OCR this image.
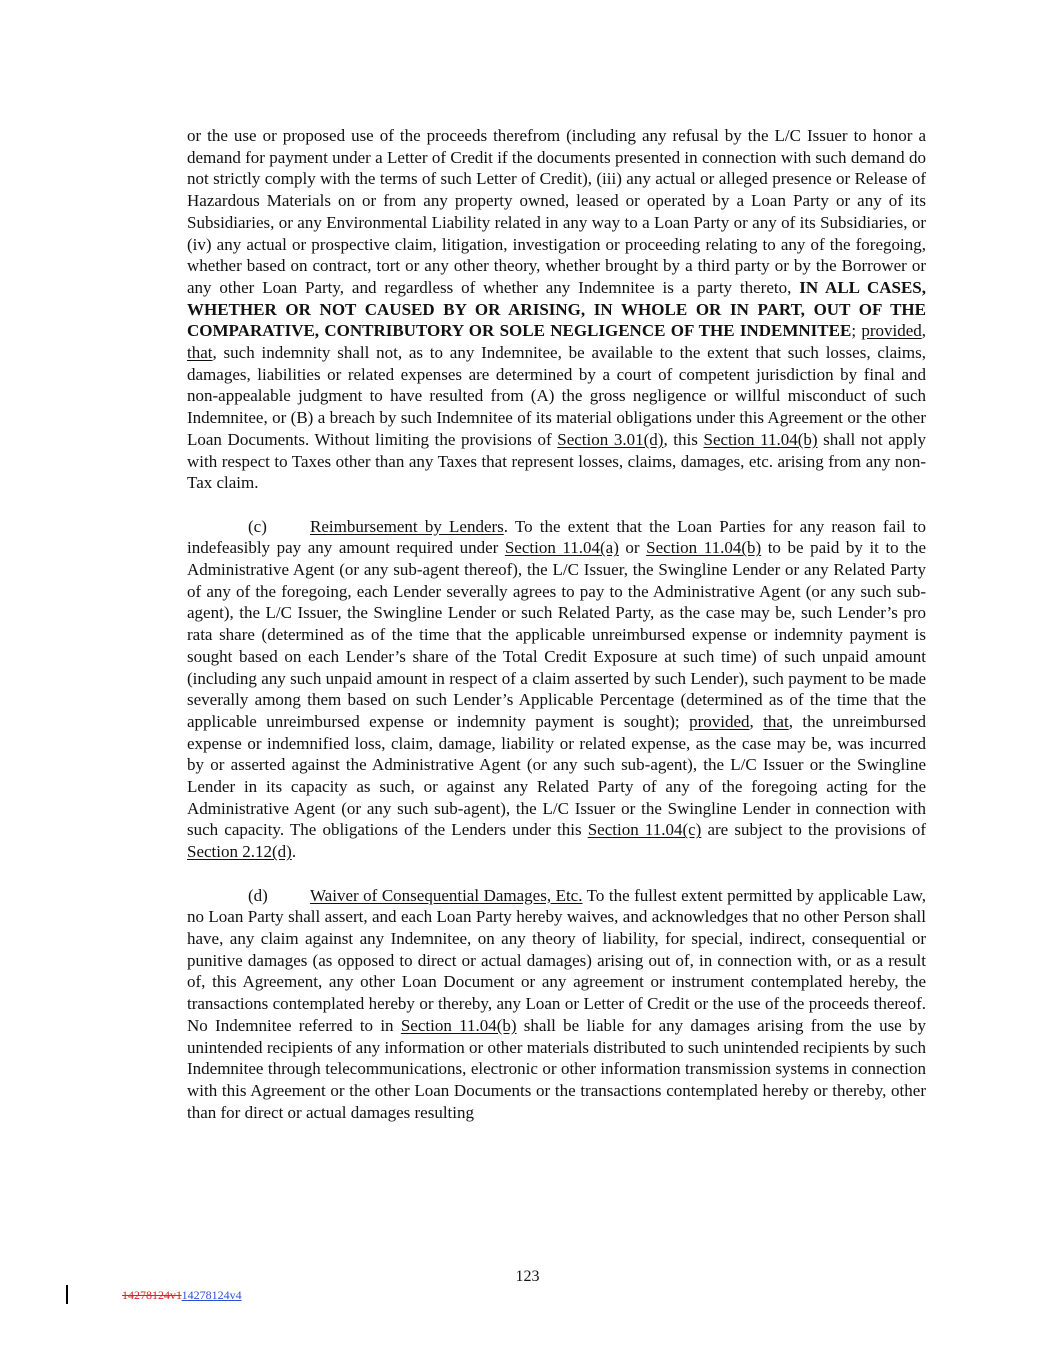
or the use or proposed use of the proceeds therefrom (including any refusal by the L/C Issuer to honor a demand for payment under a Letter of Credit if the documents presented in connection with such demand do not strictly comply with the terms of such Letter of Credit), (iii) any actual or alleged presence or Release of Hazardous Materials on or from any property owned, leased or operated by a Loan Party or any of its Subsidiaries, or any Environmental Liability related in any way to a Loan Party or any of its Subsidiaries, or (iv) any actual or prospective claim, litigation, investigation or proceeding relating to any of the foregoing, whether based on contract, tort or any other theory, whether brought by a third party or by the Borrower or any other Loan Party, and regardless of whether any Indemnitee is a party thereto, IN ALL CASES, WHETHER OR NOT CAUSED BY OR ARISING, IN WHOLE OR IN PART, OUT OF THE COMPARATIVE, CONTRIBUTORY OR SOLE NEGLIGENCE OF THE INDEMNITEE; provided, that, such indemnity shall not, as to any Indemnitee, be available to the extent that such losses, claims, damages, liabilities or related expenses are determined by a court of competent jurisdiction by final and non-appealable judgment to have resulted from (A) the gross negligence or willful misconduct of such Indemnitee, or (B) a breach by such Indemnitee of its material obligations under this Agreement or the other Loan Documents. Without limiting the provisions of Section 3.01(d), this Section 11.04(b) shall not apply with respect to Taxes other than any Taxes that represent losses, claims, damages, etc. arising from any non-Tax claim.

(c)	Reimbursement by Lenders. To the extent that the Loan Parties for any reason fail to indefeasibly pay any amount required under Section 11.04(a) or Section 11.04(b) to be paid by it to the Administrative Agent (or any sub-agent thereof), the L/C Issuer, the Swingline Lender or any Related Party of any of the foregoing, each Lender severally agrees to pay to the Administrative Agent (or any such sub-agent), the L/C Issuer, the Swingline Lender or such Related Party, as the case may be, such Lender’s pro rata share (determined as of the time that the applicable unreimbursed expense or indemnity payment is sought based on each Lender’s share of the Total Credit Exposure at such time) of such unpaid amount (including any such unpaid amount in respect of a claim asserted by such Lender), such payment to be made severally among them based on such Lender’s Applicable Percentage (determined as of the time that the applicable unreimbursed expense or indemnity payment is sought); provided, that, the unreimbursed expense or indemnified loss, claim, damage, liability or related expense, as the case may be, was incurred by or asserted against the Administrative Agent (or any such sub-agent), the L/C Issuer or the Swingline Lender in its capacity as such, or against any Related Party of any of the foregoing acting for the Administrative Agent (or any such sub-agent), the L/C Issuer or the Swingline Lender in connection with such capacity. The obligations of the Lenders under this Section 11.04(c) are subject to the provisions of Section 2.12(d).

(d) Waiver of Consequential Damages, Etc. To the fullest extent permitted by applicable Law, no Loan Party shall assert, and each Loan Party hereby waives, and acknowledges that no other Person shall have, any claim against any Indemnitee, on any theory of liability, for special, indirect, consequential or punitive damages (as opposed to direct or actual damages) arising out of, in connection with, or as a result of, this Agreement, any other Loan Document or any agreement or instrument contemplated hereby, the transactions contemplated hereby or thereby, any Loan or Letter of Credit or the use of the proceeds thereof. No Indemnitee referred to in Section 11.04(b) shall be liable for any damages arising from the use by unintended recipients of any information or other materials distributed to such unintended recipients by such Indemnitee through telecommunications, electronic or other information transmission systems in connection with this Agreement or the other Loan Documents or the transactions contemplated hereby or thereby, other than for direct or actual damages resulting

123
14278124v114278124v4
